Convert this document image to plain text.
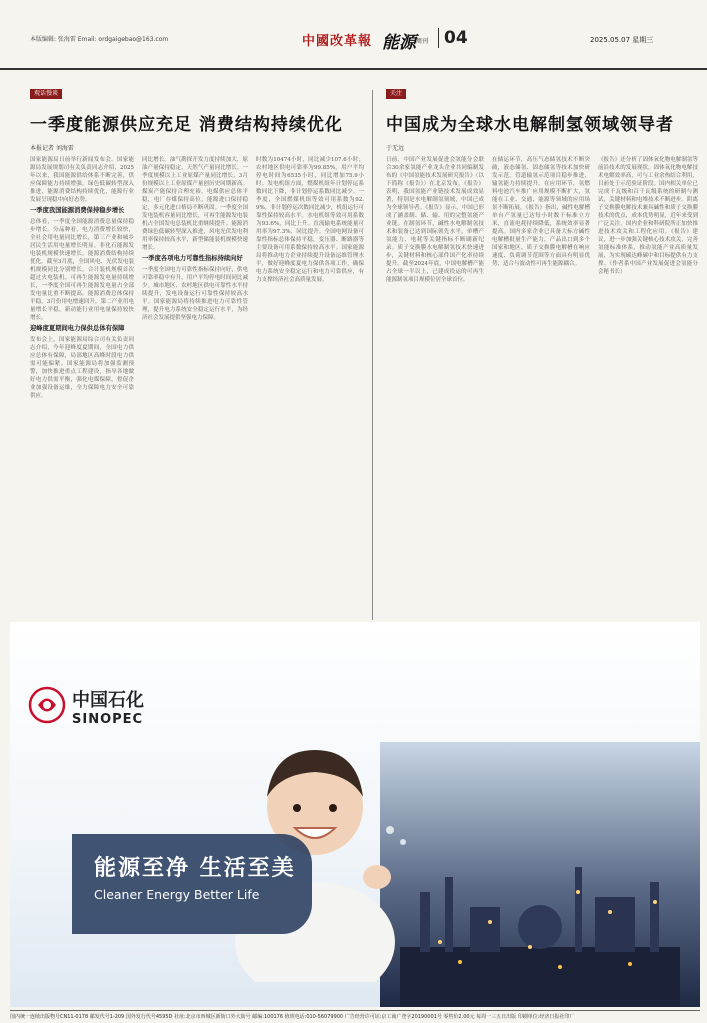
本版编辑: 张海雷 Email: ordgaigebao@163.com	中國改革報 能源 周刊 04	2025.05.07 星期三
观话慢谈
一季度能源供应充足 消费结构持续优化
本报记者 刘海雷
国家能源局日前举行新闻发布会。国家能源局发展规划司有关负责同志介绍，2025年以来，我国能源供给体系不断完善，供应保障能力持续增强，绿色低碳转型深入推进，能源消费结构持续优化，能源行业发展呈现稳中向好态势。
一季度我国能源消费保持稳步增长
总体看，一季度全国能源消费总量保持稳步增长。分品种看，电力消费增长较快，全社会用电量同比增长，第三产业和城乡居民生活用电量增长明显。非化石能源发电装机规模快速增长，能源消费结构持续优化。截至3月底，全国风电、光伏发电装机规模同比分别增长，合计装机规模首次超过火电装机。可再生能源发电量持续增长，一季度全国可再生能源发电量占全部发电量比重不断提高。能源消费总体保持平稳，3月份用电增速回升，第二产业用电量增长平稳，新动能行业用电量保持较快增长。
迎峰度夏期间电力保供总体有保障
发布会上，国家能源局综合司有关负责同志介绍，今年迎峰度夏期间，全国电力供应总体有保障，局部地区高峰时段电力供需可能偏紧。国家能源局将加强监测预警，加快推进重点工程建设，指导各地做好电力供需平衡，强化电煤保障，督促企业加强设备运维，全力保障电力安全可靠供应。
同比增长。油气勘探开发力度持续加大，原油产量保持稳定，天然气产量同比增长。一季度规模以上工业原煤产量同比增长，3月份规模以上工业原煤产量创历史同期新高。煤炭产能保持合理充裕，电煤供应总体平稳，电厂存煤保持高位。能源进口保持稳定，多元化进口格局不断巩固。一季度全国发电装机容量同比增长，可再生能源发电装机占全国发电总装机比重继续提升。能源消费绿色低碳转型深入推进，风电光伏发电利用率保持较高水平，新型储能装机规模快速增长。
一季度各项电力可靠性指标持续向好
一季度全国电力可靠性指标保持向好，供电可靠率稳中有升，用户平均停电时间同比减少。城市地区、农村地区供电可靠性水平持续提升，发电设备运行可靠性保持较高水平。国家能源局将持续推进电力可靠性管理，提升电力系统安全稳定运行水平，为经济社会发展提供坚强电力保障。
时数为10474小时，同比减少107.6小时；农村地区供电可靠率为99.85%，用户平均停电时间为6535小时，同比增加75.9小时。发电机组方面，燃煤机组年计划停运系数同比下降，非计划停运系数同比减少。一季度，全国燃煤机组等效可用系数为92.9%，非计划停运次数同比减少，机组运行可靠性保持较高水平。水电机组等效可用系数为93.6%，同比上升。直流输电系统能量可用率为97.3%，同比提升。全国电网设备可靠性指标总体保持平稳，变压器、断路器等主要设备可用系数保持较高水平。国家能源局将推动电力企业持续提升设备运维管理水平，做好迎峰度夏电力保供各项工作，确保电力系统安全稳定运行和电力可靠供应，有力支撑经济社会高质量发展。
关注
中国成为全球水电解制氢领域领导者
于无远
日前，中国产业发展促进会氢能分会联合30余家氢能产业龙头企业共同编制发布的《中国氢能技术发展研究报告》（以下简称《报告》）在北京发布。《报告》表明，我国氢能产业链技术发展成效显著，特别是水电解制氢领域，中国已成为全球领导者。《报告》显示，中国已形成了涵盖制、储、输、用的完整氢能产业链。在制氢环节，碱性水电解制氢技术和装备已达到国际领先水平，单槽产氢能力、电耗等关键指标不断刷新纪录。质子交换膜水电解制氢技术快速进步，关键材料和核心部件国产化率持续提升。截至2024年底，中国电解槽产能占全球一半以上，已建成投运的可再生能源制氢项目规模位居全球首位。
在储运环节，高压气态储氢技术不断突破，液态储氢、固态储氢等技术加快研发示范。管道输氢示范项目稳步推进，输氢能力持续提升。在应用环节，氢燃料电池汽车推广应用规模不断扩大，氢能在工业、交通、能源等领域的应用场景不断拓展。《报告》指出，碱性电解槽单台产氢量已达每小时数千标准立方米，直流电耗持续降低，系统效率显著提高。国内多家企业已具备大标方碱性电解槽批量生产能力，产品出口到多个国家和地区。质子交换膜电解槽在响应速度、负荷调节范围等方面具有明显优势，适合与波动性可再生能源耦合。
《报告》还分析了固体氧化物电解制氢等前沿技术的发展现状。固体氧化物电解技术电解效率高，可与工业余热结合利用，目前处于示范验证阶段。国内相关单位已完成千瓦级和百千瓦级系统的研制与测试，关键材料和电堆技术不断进步。阴离子交换膜电解技术兼具碱性和质子交换膜技术的优点，成本优势明显，近年来受到广泛关注，国内企业和科研院所正加快推进技术攻关和工程化应用。《报告》建议，进一步加强关键核心技术攻关，完善氢能标准体系，推动氢能产业高质量发展，为实现碳达峰碳中和目标提供有力支撑。（作者系中国产业发展促进会氢能分会秘书长）
中国石化
SINOPEC
能源至净 生活至美
Cleaner Energy Better Life
国内统一连续出版物号CN11-0178 邮发代号1-209 国外发行代号4595D 社址:北京市西城区新街口外大街号 邮编:100176 值班电话:010-56079900 广告经营许可证:京工商广登字20190001号 零售价2.00元 每周一三五日出版 印刷单位:经济日报社印厂
